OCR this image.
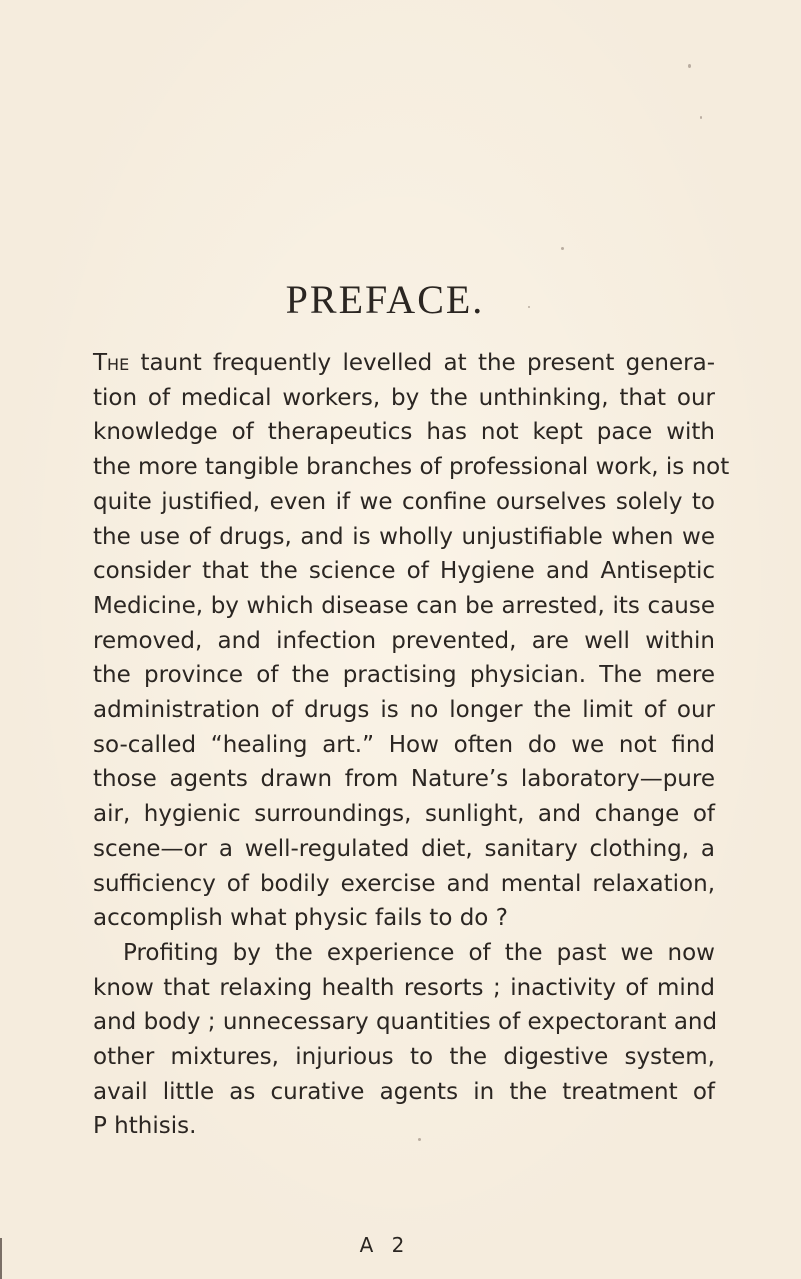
PREFACE.
The taunt frequently levelled at the present genera-
tion of medical workers, by the unthinking, that our
knowledge of therapeutics has not kept pace with
the more tangible branches of professional work, is not
quite justified, even if we confine ourselves solely to
the use of drugs, and is wholly unjustifiable when we
consider that the science of Hygiene and Antiseptic
Medicine, by which disease can be arrested, its cause
removed, and infection prevented, are well within
the province of the practising physician. The mere
administration of drugs is no longer the limit of our
so-called “healing art.” How often do we not find
those agents drawn from Nature’s laboratory—pure
air, hygienic surroundings, sunlight, and change of
scene—or a well-regulated diet, sanitary clothing, a
sufficiency of bodily exercise and mental relaxation,
accomplish what physic fails to do ?
Profiting by the experience of the past we now
know that relaxing health resorts ; inactivity of mind
and body ; unnecessary quantities of expectorant and
other mixtures, injurious to the digestive system,
avail little as curative agents in the treatment of
P hthisis.
A 2
